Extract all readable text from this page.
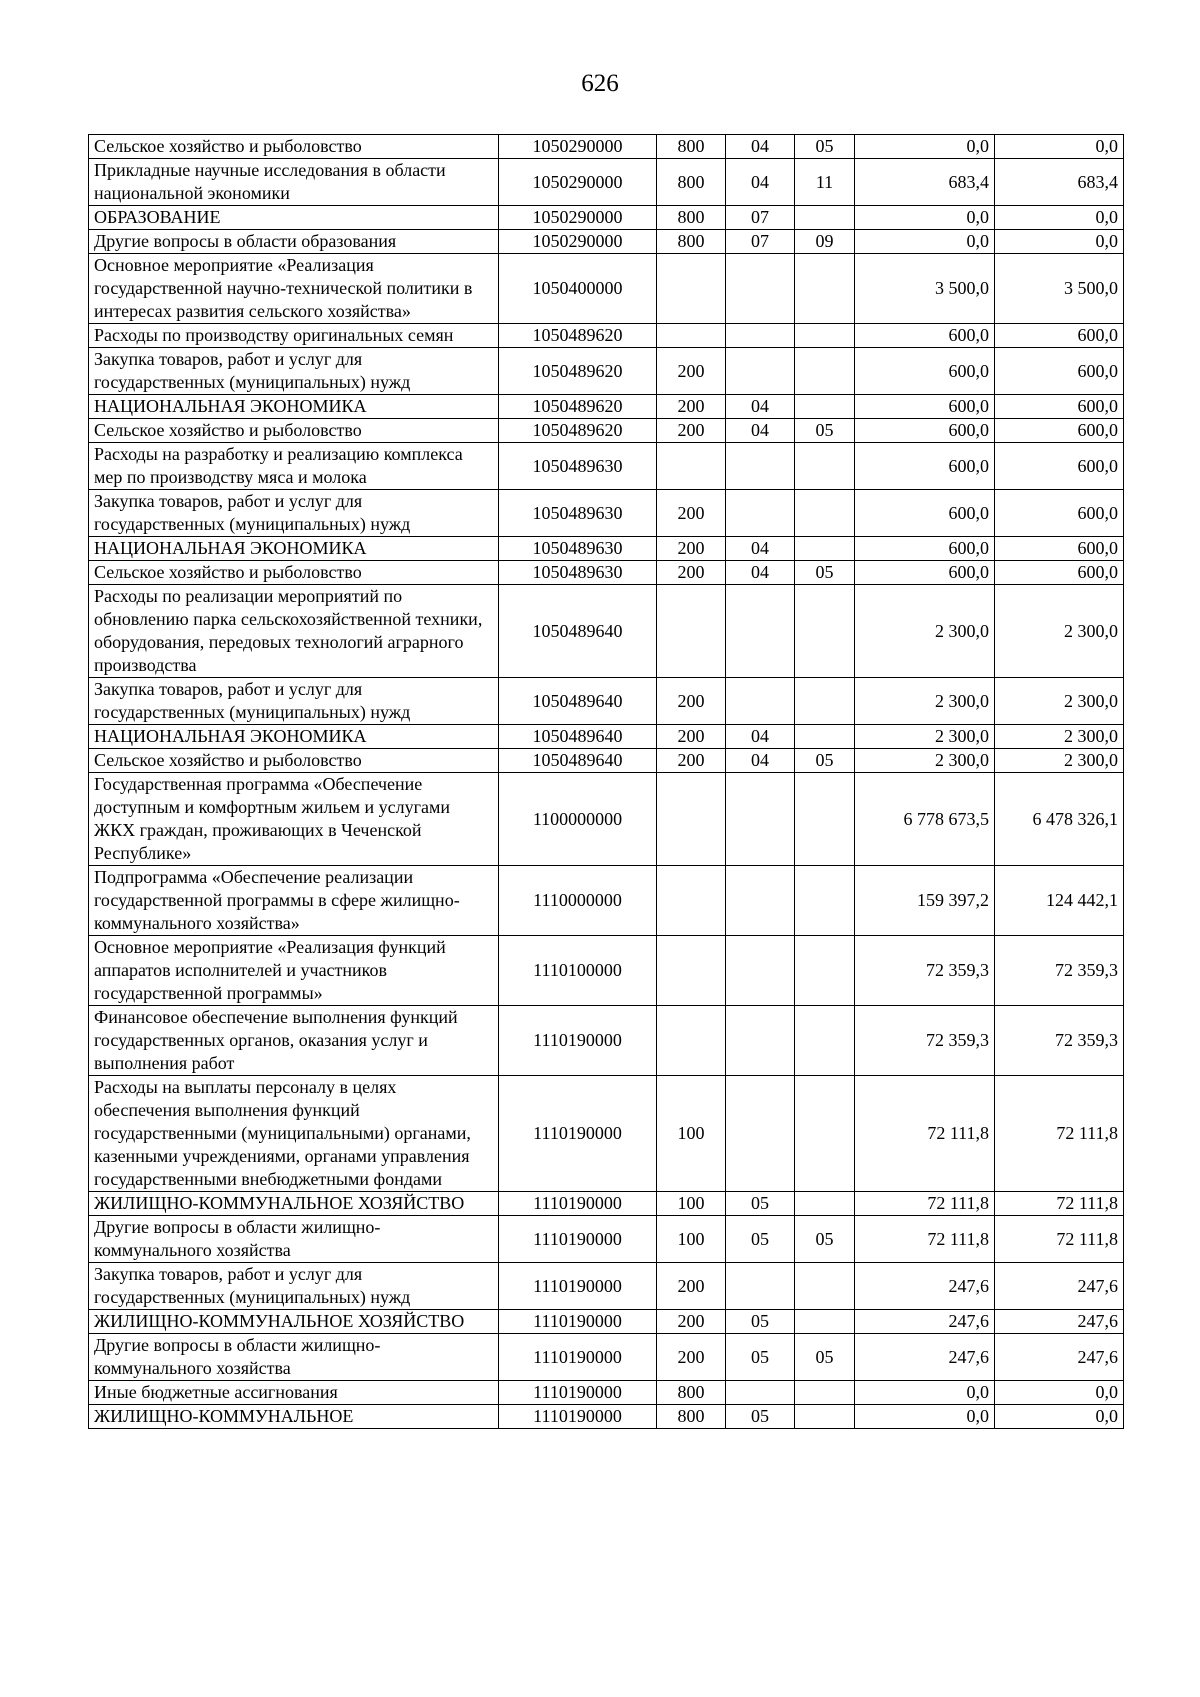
626
Сельское хозяйство и рыболовство	1050290000	800	04	05	0,0	0,0
Прикладные научные исследования в области национальной экономики	1050290000	800	04	11	683,4	683,4
ОБРАЗОВАНИЕ	1050290000	800	07		0,0	0,0
Другие вопросы в области образования	1050290000	800	07	09	0,0	0,0
Основное мероприятие «Реализация государственной научно-технической политики в интересах развития сельского хозяйства»	1050400000				3 500,0	3 500,0
Расходы по производству оригинальных семян	1050489620				600,0	600,0
Закупка товаров, работ и услуг для государственных (муниципальных) нужд	1050489620	200			600,0	600,0
НАЦИОНАЛЬНАЯ ЭКОНОМИКА	1050489620	200	04		600,0	600,0
Сельское хозяйство и рыболовство	1050489620	200	04	05	600,0	600,0
Расходы на разработку и реализацию комплекса мер по производству мяса и молока	1050489630				600,0	600,0
Закупка товаров, работ и услуг для государственных (муниципальных) нужд	1050489630	200			600,0	600,0
НАЦИОНАЛЬНАЯ ЭКОНОМИКА	1050489630	200	04		600,0	600,0
Сельское хозяйство и рыболовство	1050489630	200	04	05	600,0	600,0
Расходы по реализации мероприятий по обновлению парка сельскохозяйственной техники, оборудования, передовых технологий аграрного производства	1050489640				2 300,0	2 300,0
Закупка товаров, работ и услуг для государственных (муниципальных) нужд	1050489640	200			2 300,0	2 300,0
НАЦИОНАЛЬНАЯ ЭКОНОМИКА	1050489640	200	04		2 300,0	2 300,0
Сельское хозяйство и рыболовство	1050489640	200	04	05	2 300,0	2 300,0
Государственная программа «Обеспечение доступным и комфортным жильем и услугами ЖКХ граждан, проживающих в Чеченской Республике»	1100000000				6 778 673,5	6 478 326,1
Подпрограмма «Обеспечение реализации государственной программы в сфере жилищно-коммунального хозяйства»	1110000000				159 397,2	124 442,1
Основное мероприятие «Реализация функций аппаратов исполнителей и участников государственной программы»	1110100000				72 359,3	72 359,3
Финансовое обеспечение выполнения функций государственных органов, оказания услуг и выполнения работ	1110190000				72 359,3	72 359,3
Расходы на выплаты персоналу в целях обеспечения выполнения функций государственными (муниципальными) органами, казенными учреждениями, органами управления государственными внебюджетными фондами	1110190000	100			72 111,8	72 111,8
ЖИЛИЩНО-КОММУНАЛЬНОЕ ХОЗЯЙСТВО	1110190000	100	05		72 111,8	72 111,8
Другие вопросы в области жилищно-коммунального хозяйства	1110190000	100	05	05	72 111,8	72 111,8
Закупка товаров, работ и услуг для государственных (муниципальных) нужд	1110190000	200			247,6	247,6
ЖИЛИЩНО-КОММУНАЛЬНОЕ ХОЗЯЙСТВО	1110190000	200	05		247,6	247,6
Другие вопросы в области жилищно-коммунального хозяйства	1110190000	200	05	05	247,6	247,6
Иные бюджетные ассигнования	1110190000	800			0,0	0,0
ЖИЛИЩНО-КОММУНАЛЬНОЕ	1110190000	800	05		0,0	0,0
